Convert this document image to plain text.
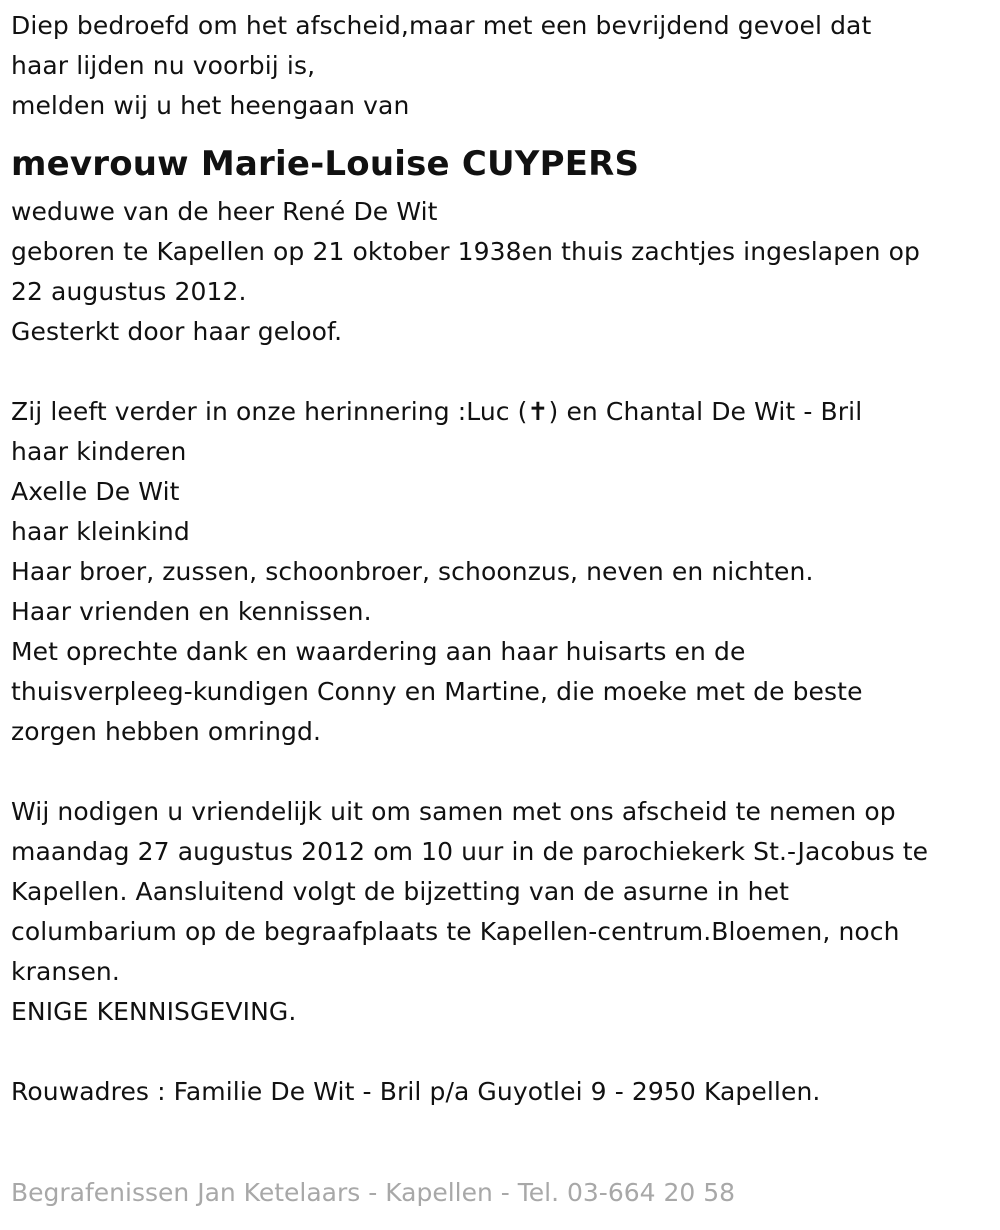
Diep bedroefd om het afscheid,maar met een bevrijdend gevoel dat
haar lijden nu voorbij is,
melden wij u het heengaan van
mevrouw Marie-Louise CUYPERS
weduwe van de heer René De Wit
geboren te Kapellen op 21 oktober 1938en thuis zachtjes ingeslapen op
22 augustus 2012.
Gesterkt door haar geloof.
Zij leeft verder in onze herinnering :Luc (✝) en Chantal De Wit - Bril
haar kinderen
Axelle De Wit
haar kleinkind
Haar broer, zussen, schoonbroer, schoonzus, neven en nichten.
Haar vrienden en kennissen.
Met oprechte dank en waardering aan haar huisarts en de
thuisverpleeg-kundigen Conny en Martine, die moeke met de beste
zorgen hebben omringd.
Wij nodigen u vriendelijk uit om samen met ons afscheid te nemen op
maandag 27 augustus 2012 om 10 uur in de parochiekerk St.-Jacobus te
Kapellen. Aansluitend volgt de bijzetting van de asurne in het
columbarium op de begraafplaats te Kapellen-centrum.Bloemen, noch
kransen.
ENIGE KENNISGEVING.
Rouwadres : Familie De Wit - Bril p/a Guyotlei 9 - 2950 Kapellen.
Begrafenissen Jan Ketelaars - Kapellen - Tel. 03-664 20 58
